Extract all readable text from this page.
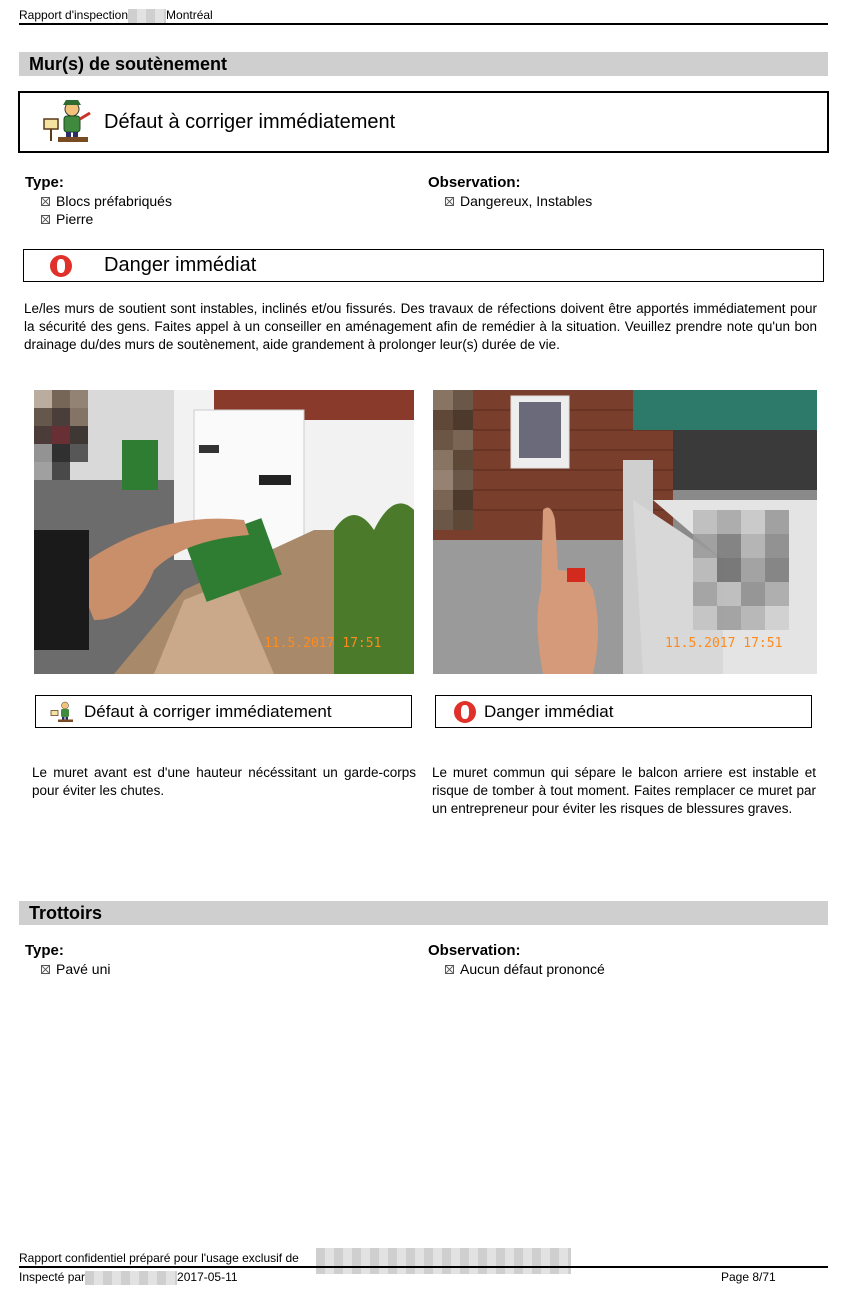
Rapport d'inspection	Montréal
Mur(s) de soutènement
Défaut à corriger immédiatement
Type:
Blocs préfabriqués
Pierre
Observation:
Dangereux, Instables
Danger immédiat
Le/les murs de soutient sont instables, inclinés et/ou fissurés. Des travaux de réfections doivent être apportés immédiatement pour la sécurité des gens. Faites appel à un conseiller en aménagement afin de remédier à la situation. Veuillez prendre note qu'un bon drainage du/des murs de soutènement, aide grandement à prolonger leur(s) durée de vie.
11.5.2017 17:51	11.5.2017 17:51
Défaut à corriger immédiatement	Danger immédiat
Le muret avant est d'une hauteur nécéssitant un garde-corps pour éviter les chutes.
Le muret commun qui sépare le balcon arriere est instable et risque de tomber à tout moment. Faites remplacer ce muret par un entrepreneur pour éviter les risques de blessures graves.
Trottoirs
Type:
Pavé uni
Observation:
Aucun défaut prononcé
Rapport confidentiel préparé pour l'usage exclusif de
Inspecté par	2017-05-11	Page 8/71
